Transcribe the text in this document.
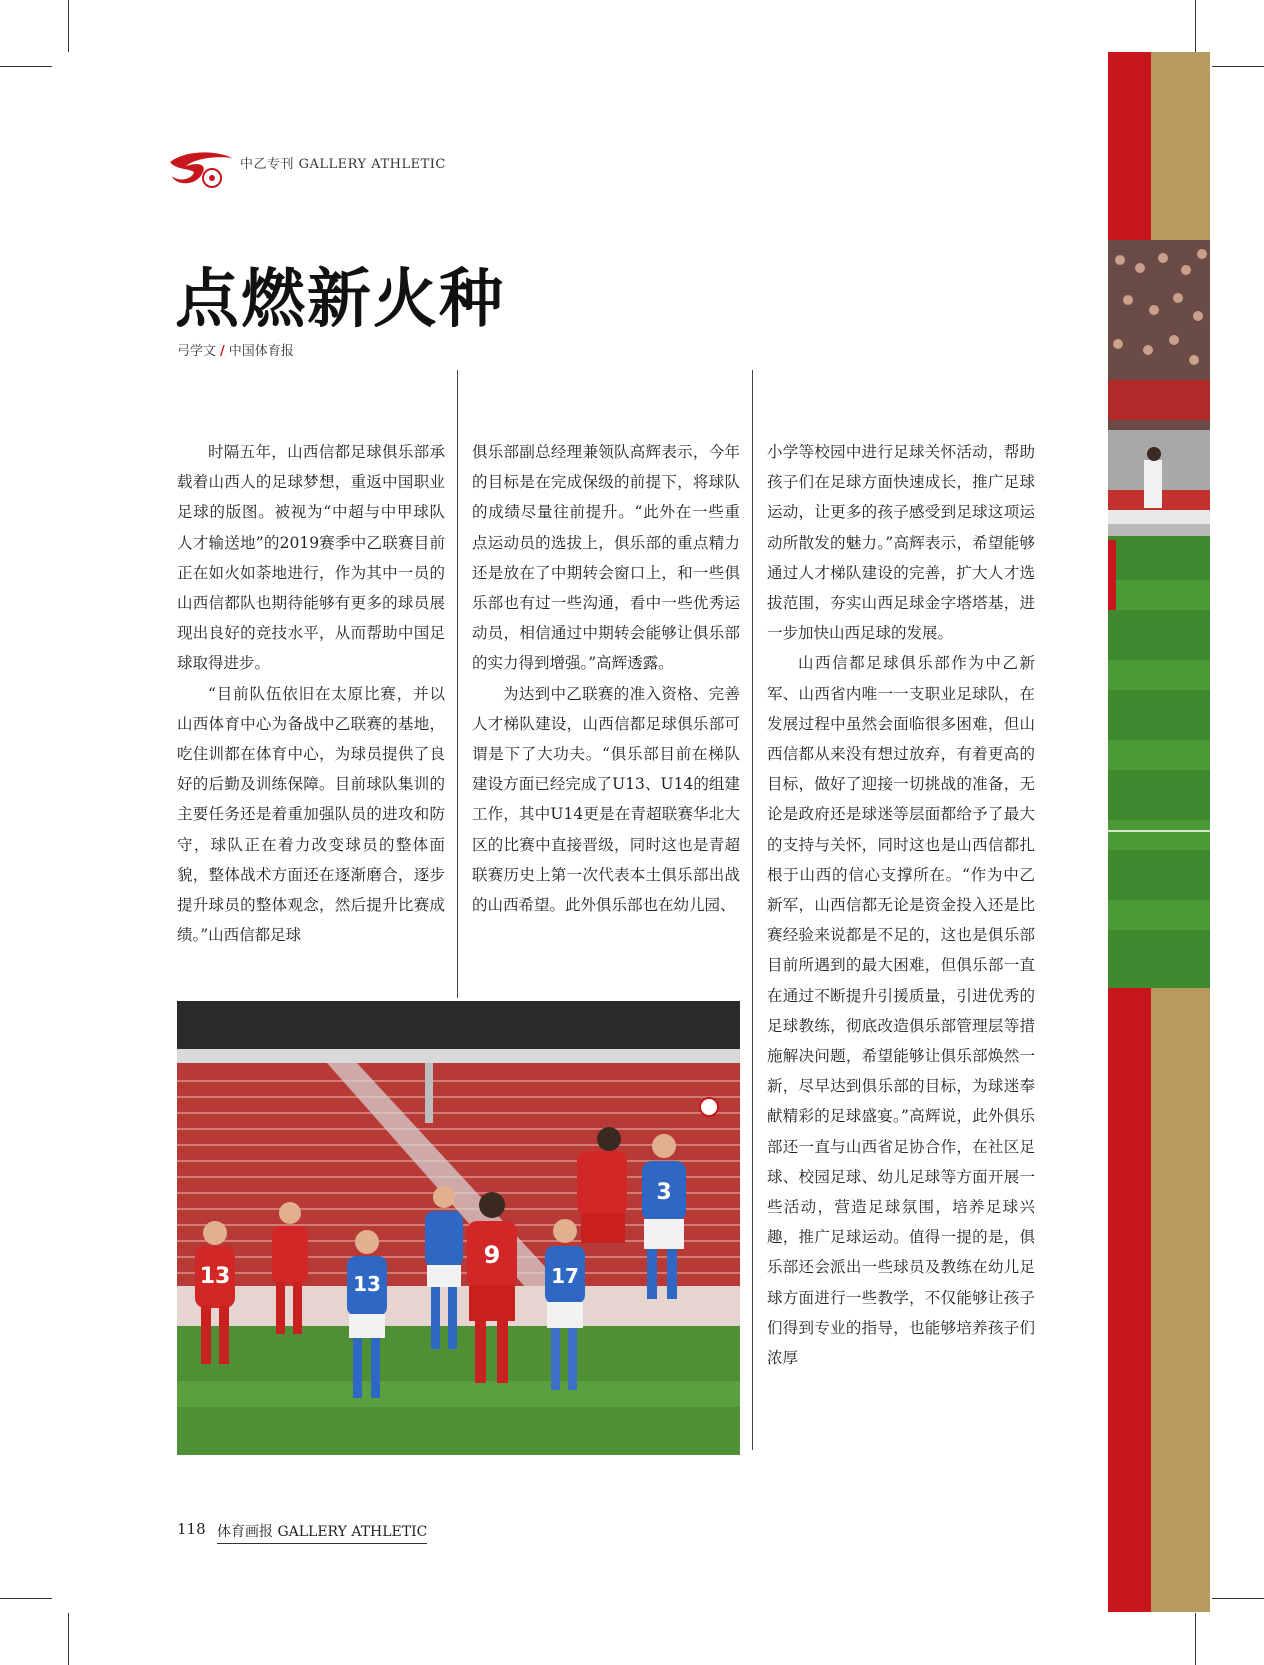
中乙专刊 GALLERY ATHLETIC
点燃新火种
弓学文 / 中国体育报

时隔五年，山西信都足球俱乐部承载着山西人的足球梦想，重返中国职业足球的版图。被视为“中超与中甲球队人才输送地”的2019赛季中乙联赛目前正在如火如荼地进行，作为其中一员的山西信都队也期待能够有更多的球员展现出良好的竞技水平，从而帮助中国足球取得进步。

“目前队伍依旧在太原比赛，并以山西体育中心为备战中乙联赛的基地，吃住训都在体育中心，为球员提供了良好的后勤及训练保障。目前球队集训的主要任务还是着重加强队员的进攻和防守，球队正在着力改变球员的整体面貌，整体战术方面还在逐渐磨合，逐步提升球员的整体观念，然后提升比赛成绩。”山西信都足球

俱乐部副总经理兼领队高辉表示，今年的目标是在完成保级的前提下，将球队的成绩尽量往前提升。“此外在一些重点运动员的选拔上，俱乐部的重点精力还是放在了中期转会窗口上，和一些俱乐部也有过一些沟通，看中一些优秀运动员，相信通过中期转会能够让俱乐部的实力得到增强。”高辉透露。

为达到中乙联赛的准入资格、完善人才梯队建设，山西信都足球俱乐部可谓是下了大功夫。“俱乐部目前在梯队建设方面已经完成了U13、U14的组建工作，其中U14更是在青超联赛华北大区的比赛中直接晋级，同时这也是青超联赛历史上第一次代表本土俱乐部出战的山西希望。此外俱乐部也在幼儿园、

小学等校园中进行足球关怀活动，帮助孩子们在足球方面快速成长，推广足球运动，让更多的孩子感受到足球这项运动所散发的魅力。”高辉表示，希望能够通过人才梯队建设的完善，扩大人才选拔范围，夯实山西足球金字塔塔基，进一步加快山西足球的发展。

山西信都足球俱乐部作为中乙新军、山西省内唯一一支职业足球队，在发展过程中虽然会面临很多困难，但山西信都从来没有想过放弃，有着更高的目标，做好了迎接一切挑战的准备，无论是政府还是球迷等层面都给予了最大的支持与关怀，同时这也是山西信都扎根于山西的信心支撑所在。“作为中乙新军，山西信都无论是资金投入还是比赛经验来说都是不足的，这也是俱乐部目前所遇到的最大困难，但俱乐部一直在通过不断提升引援质量，引进优秀的足球教练，彻底改造俱乐部管理层等措施解决问题，希望能够让俱乐部焕然一新，尽早达到俱乐部的目标，为球迷奉献精彩的足球盛宴。”高辉说，此外俱乐部还一直与山西省足协合作，在社区足球、校园足球、幼儿足球等方面开展一些活动，营造足球氛围，培养足球兴趣，推广足球运动。值得一提的是，俱乐部还会派出一些球员及教练在幼儿足球方面进行一些教学，不仅能够让孩子们得到专业的指导，也能够培养孩子们浓厚

13	13
3
9
17
118 体育画报 GALLERY ATHLETIC
